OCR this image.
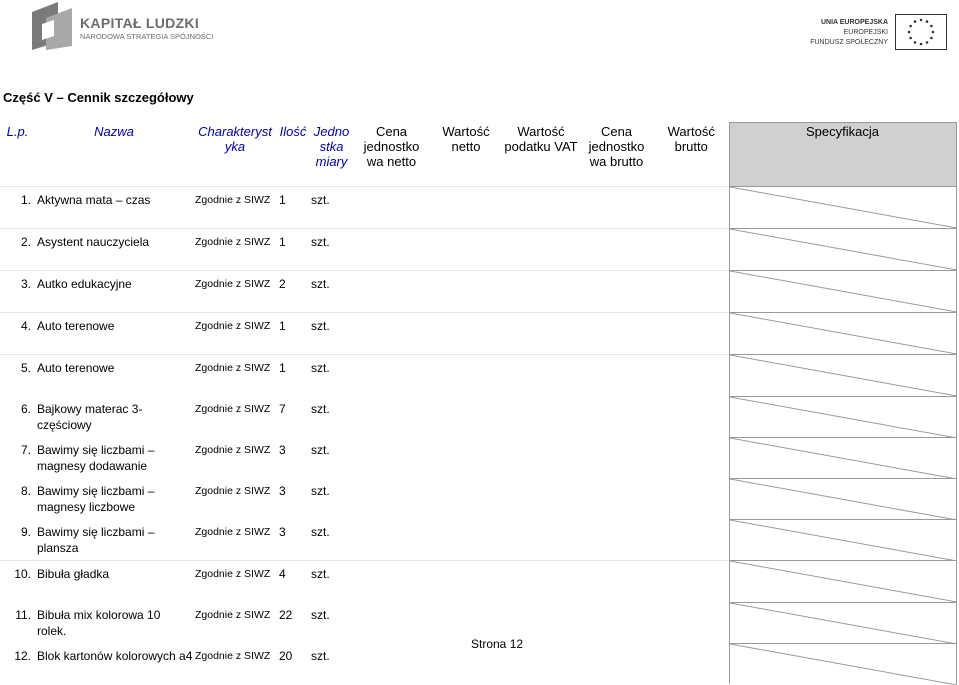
KAPITAŁ LUDZKI
NARODOWA STRATEGIA SPÓJNOŚCI
UNIA EUROPEJSKA
EUROPEJSKI
FUNDUSZ SPOŁECZNY
Część V – Cennik szczegółowy
L.p.	Nazwa	Charakteryst yka	Ilość	Jedno stka miary	Cena jednostko wa netto	Wartość netto	Wartość podatku VAT	Cena jednostko wa brutto	Wartość brutto	Specyfikacja
1.	Aktywna mata – czas	Zgodnie z SIWZ	1	szt.						

2.	Asystent nauczyciela	Zgodnie z SIWZ	1	szt.						

3.	Autko edukacyjne	Zgodnie z SIWZ	2	szt.						

4.	Auto terenowe	Zgodnie z SIWZ	1	szt.						

5.	Auto terenowe	Zgodnie z SIWZ	1	szt.						

6.	Bajkowy materac 3-częściowy	Zgodnie z SIWZ	7	szt.						

7.	Bawimy się liczbami – magnesy dodawanie	Zgodnie z SIWZ	3	szt.						

8.	Bawimy się liczbami – magnesy liczbowe	Zgodnie z SIWZ	3	szt.						

9.	Bawimy się liczbami – plansza	Zgodnie z SIWZ	3	szt.						

10.	Bibuła gładka	Zgodnie z SIWZ	4	szt.						

11.	Bibuła mix kolorowa 10 rolek.	Zgodnie z SIWZ	22	szt.						

12.	Blok kartonów kolorowych a4	Zgodnie z SIWZ	20	szt.						
Strona 12
